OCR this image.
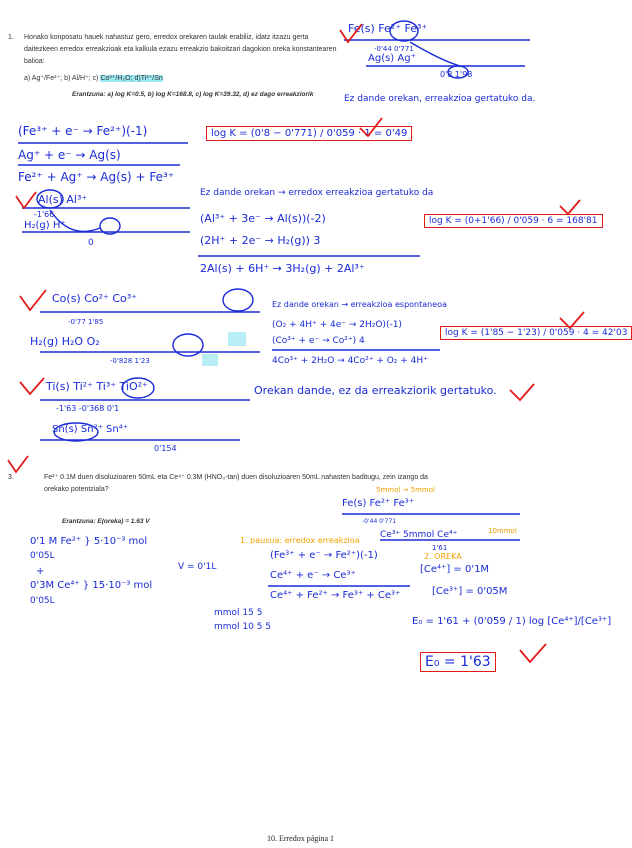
1. Honako konposatu hauek nahastuz gero, erredox orekaren taulak erabiliz, idatz itzazu gerta daitezkeen erredox erreakzioak eta kalkula ezazu erreakzio bakoitzari dagokion oreka konstantearen balioa:
a) Ag⁺/Fe²⁺; b) Al/H⁺; c) Co³⁺/H₂O; d)Ti³⁺/Sn
Erantzuna: a) log K=0.5, b) log K=168.8, c) log K=39.32, d) ez dago erreakziorik
Fe(s) Fe²⁺ Fe³⁺
-0'44 0'771
Ag(s) Ag⁺
0'8 1'98
Ez dande orekan, erreakzioa gertatuko da.
(Fe³⁺ + e⁻ → Fe²⁺)(-1)
Ag⁺ + e⁻ → Ag(s)
Fe²⁺ + Ag⁺ → Ag(s) + Fe³⁺
log K = (0'8 − 0'771) / 0'059 · 1 = 0'49
Al(s) Al³⁺
-1'66
H₂(g) H⁺
0
Ez dande orekan → erredox erreakzioa gertatuko da
(Al³⁺ + 3e⁻ → Al(s))(-2)
(2H⁺ + 2e⁻ → H₂(g)) 3
2Al(s) + 6H⁺ → 3H₂(g) + 2Al³⁺
log K = (0+1'66) / 0'059 · 6 = 168'81
Co(s) Co²⁺ Co³⁺
-0'77 1'85
H₂(g) H₂O O₂
-0'828 1'23
Ez dande orekan → erreakzioa espontaneoa
(O₂ + 4H⁺ + 4e⁻ → 2H₂O)(-1)
(Co³⁺ + e⁻ → Co²⁺) 4
4Co³⁺ + 2H₂O → 4Co²⁺ + O₂ + 4H⁺
log K = (1'85 − 1'23) / 0'059 · 4 = 42'03
Ti(s) Ti²⁺ Ti³⁺ TiO²⁺
-1'63 -0'368 0'1
Sn(s) Sn²⁺ Sn⁴⁺
0'154
Orekan dande, ez da erreakziorik gertatuko.
3.	Fe²⁺ 0.1M duen disoluzioaren 50mL eta Ce⁴⁺ 0.3M (HNO₃-tan) duen disoluzioaren 50mL nahasten baditugu, zein izango da orekako potentziala?
Erantzuna: E(oreka) = 1.63 V
5mmol → 5mmol
Fe(s) Fe²⁺ Fe³⁺
-0'44 0'771
Ce³⁺ 5mmol Ce⁴⁺	10mmol
1'61
1. pausua: erredox erreakzioa
2. OREKA
0'1 M Fe²⁺ } 5·10⁻³ mol
0'05L
+
0'3M Ce⁴⁺ } 15·10⁻³ mol
0'05L
V = 0'1L
(Fe³⁺ + e⁻ → Fe²⁺)(-1)
Ce⁴⁺ + e⁻ → Ce³⁺
Ce⁴⁺ + Fe²⁺ → Fe³⁺ + Ce³⁺
mmol 15 5
mmol 10 5 5
[Ce⁴⁺] = 0'1M
[Ce³⁺] = 0'05M
E₀ = 1'61 + (0'059 / 1) log [Ce⁴⁺]/[Ce³⁺]
E₀ = 1'63
10. Erredox página 1
